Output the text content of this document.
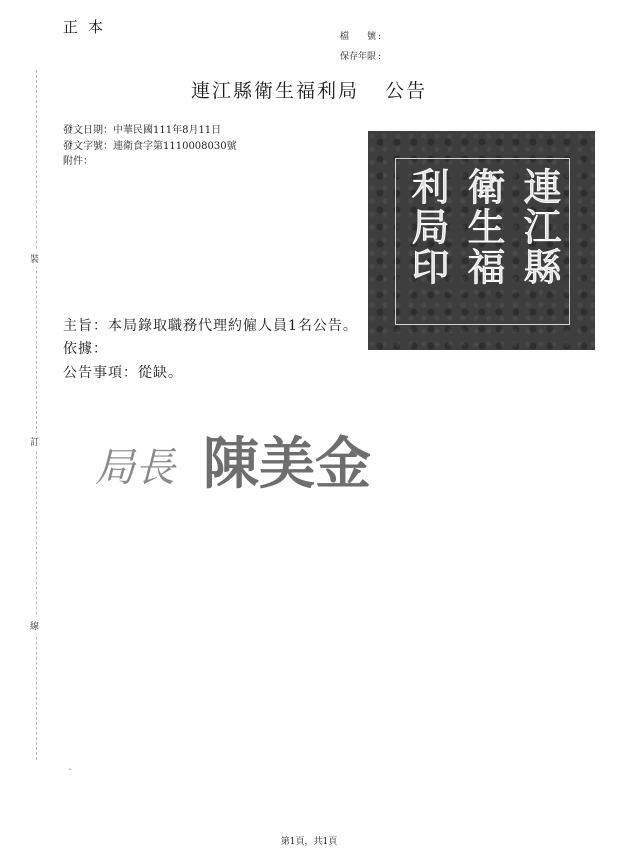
正本
檔　　號 :
保存年限 :
裝
訂
線
連江縣衛生福利局 公告
發文日期：中華民國111年8月11日
發文字號：連衛食字第1110008030號
附件：
連江縣
衛生福
利局印
主旨：本局錄取職務代理約僱人員1名公告。
依據：
公告事項：從缺。
局長 陳美金
ˇ
第1頁，共1頁
